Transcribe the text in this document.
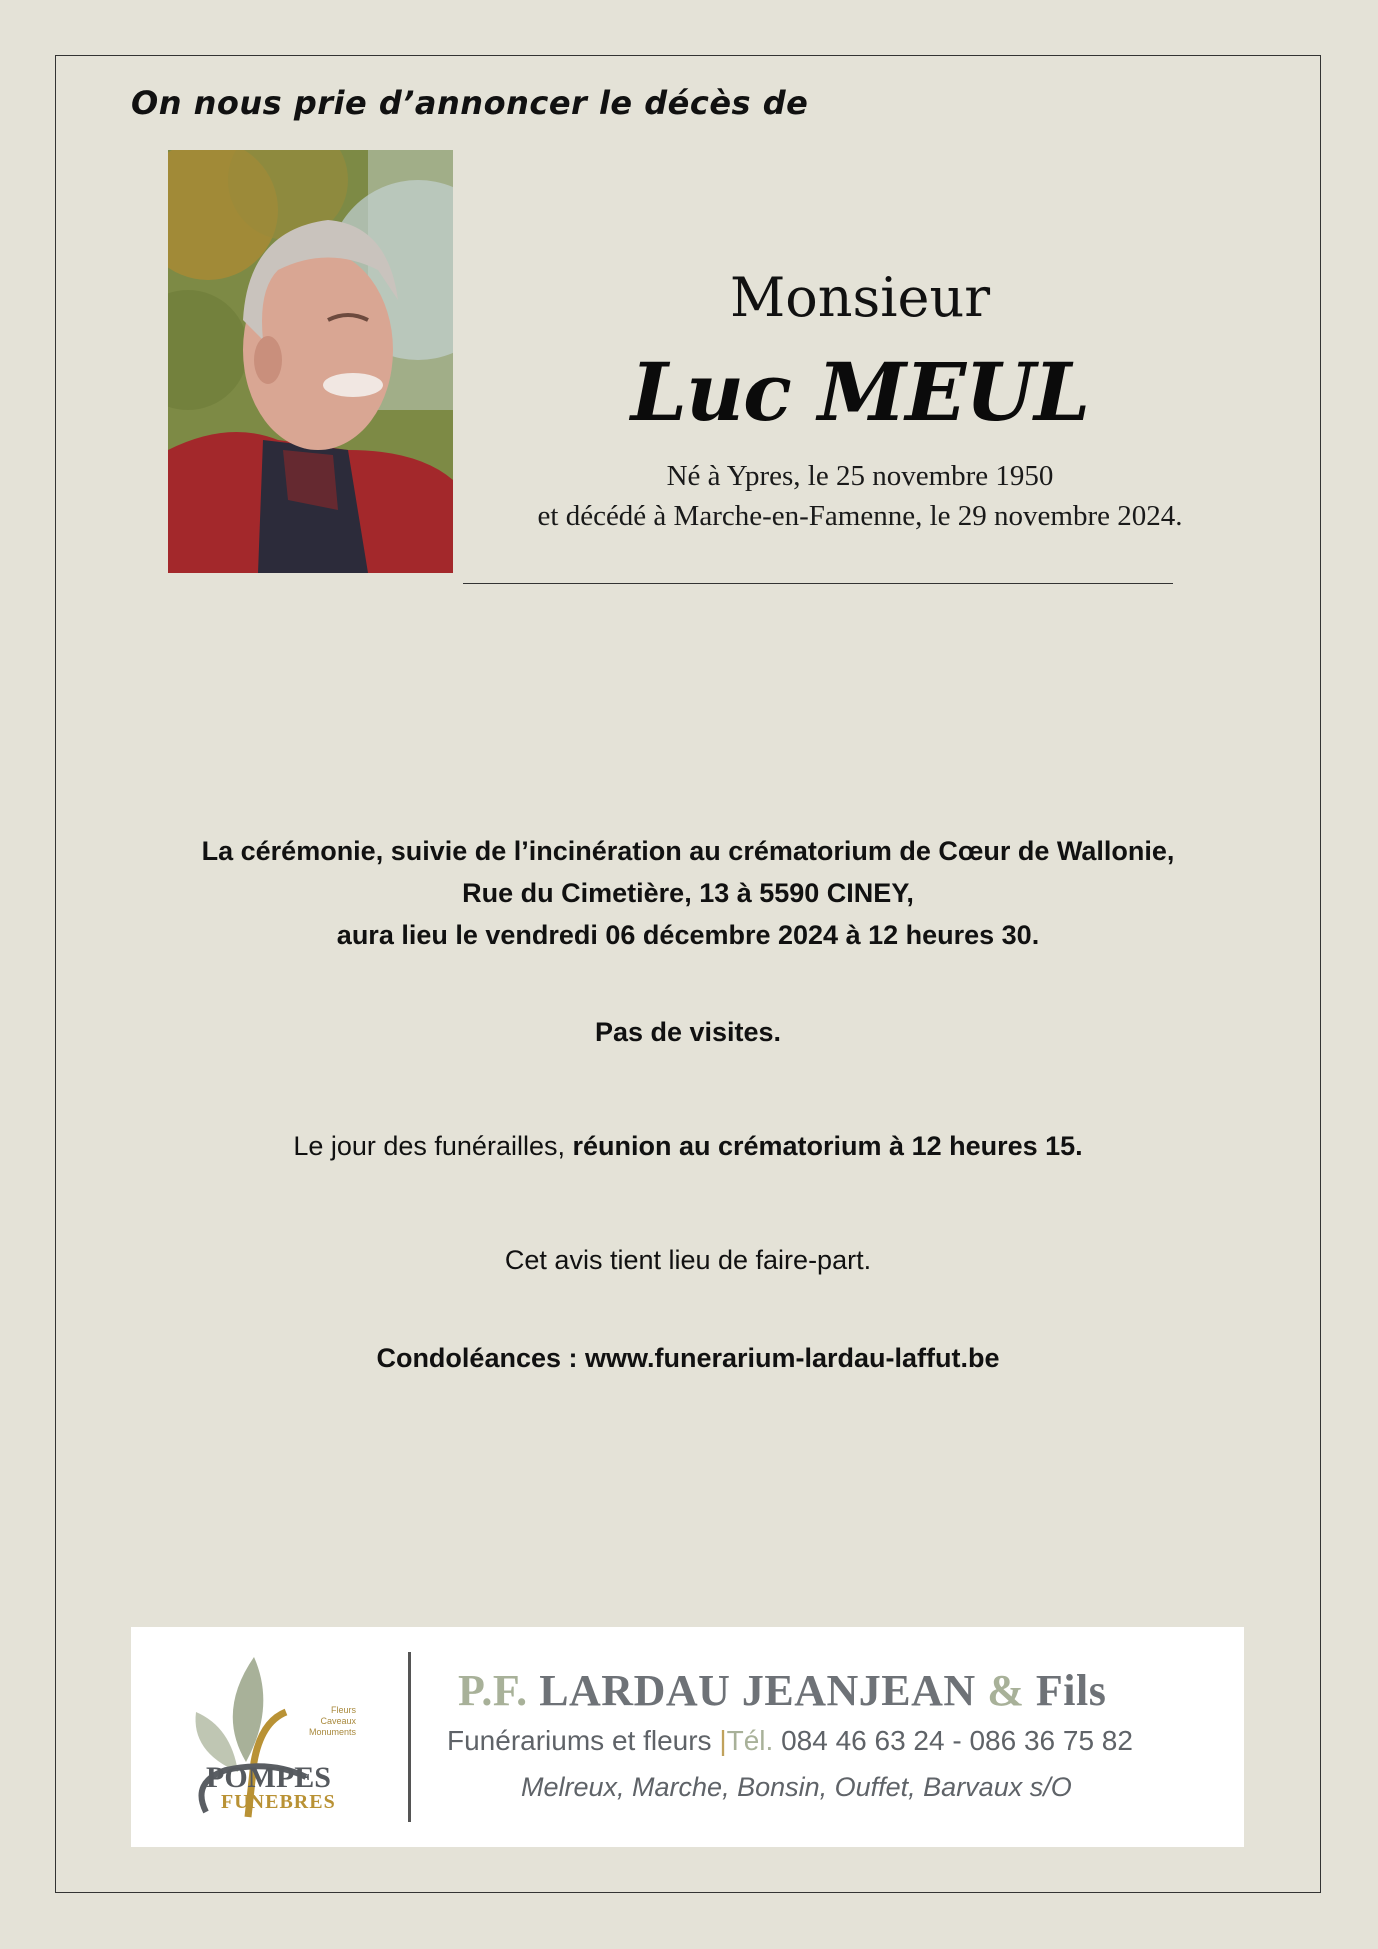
On nous prie d’annoncer le décès de
Monsieur
Luc MEUL
Né à Ypres, le 25 novembre 1950
et décédé à Marche-en-Famenne, le 29 novembre 2024.
La cérémonie, suivie de l’incinération au crématorium de Cœur de Wallonie,
Rue du Cimetière, 13 à 5590 CINEY,
aura lieu le vendredi 06 décembre 2024 à 12 heures 30.
Pas de visites.
Le jour des funérailles, réunion au crématorium à 12 heures 15.
Cet avis tient lieu de faire-part.
Condoléances : www.funerarium-lardau-laffut.be
Fleurs
Caveaux
Monuments
POMPES
FUNEBRES
P.F. LARDAU JEANJEAN & Fils
Funérariums et fleurs |Tél. 084 46 63 24 - 086 36 75 82
Melreux, Marche, Bonsin, Ouffet, Barvaux s/O
